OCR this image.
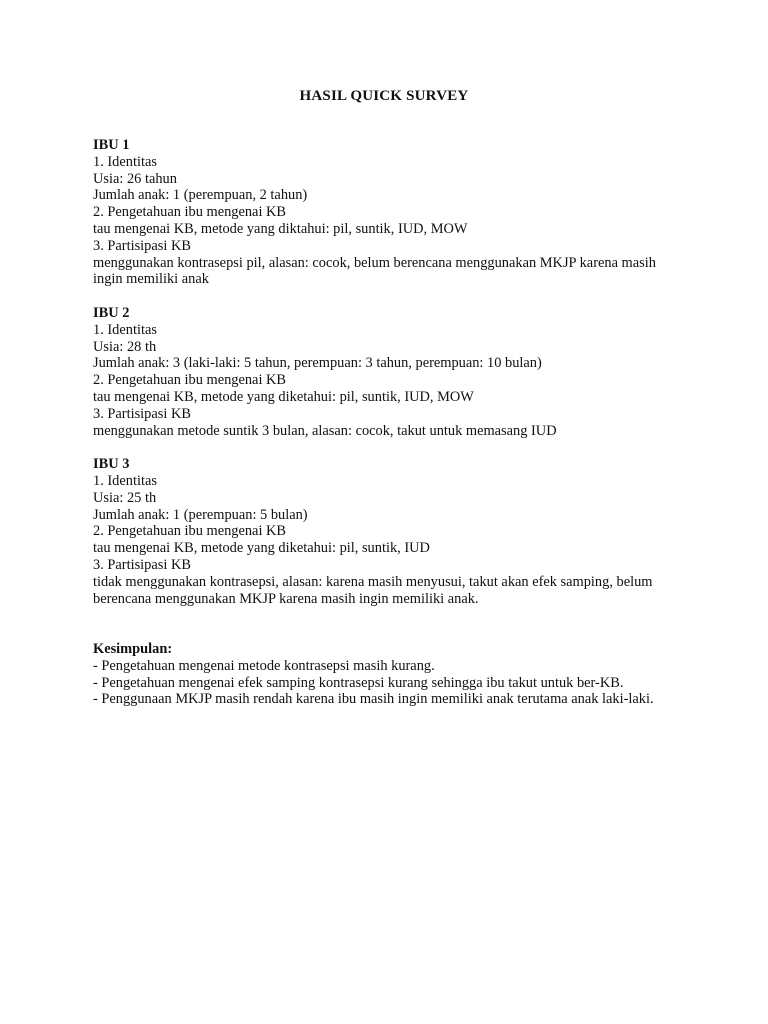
HASIL QUICK SURVEY
IBU 1
1. Identitas
Usia: 26 tahun
Jumlah anak: 1 (perempuan, 2 tahun)
2. Pengetahuan ibu mengenai KB
tau mengenai KB, metode yang diktahui: pil, suntik, IUD, MOW
3. Partisipasi KB
menggunakan kontrasepsi pil, alasan: cocok, belum berencana menggunakan MKJP karena masih ingin memiliki anak
IBU 2
1. Identitas
Usia: 28 th
Jumlah anak: 3 (laki-laki: 5 tahun, perempuan: 3 tahun, perempuan: 10 bulan)
2. Pengetahuan ibu mengenai KB
tau mengenai KB, metode yang diketahui: pil, suntik, IUD, MOW
3. Partisipasi KB
menggunakan metode suntik 3 bulan, alasan: cocok, takut untuk memasang IUD
IBU 3
1. Identitas
Usia: 25 th
Jumlah anak: 1 (perempuan: 5 bulan)
2. Pengetahuan ibu mengenai KB
tau mengenai KB, metode yang diketahui: pil, suntik, IUD
3. Partisipasi KB
tidak menggunakan kontrasepsi, alasan: karena masih menyusui, takut akan efek samping, belum berencana menggunakan MKJP karena masih ingin memiliki anak.
Kesimpulan:
- Pengetahuan mengenai metode kontrasepsi masih kurang.
- Pengetahuan mengenai efek samping kontrasepsi kurang sehingga ibu takut untuk ber-KB.
- Penggunaan MKJP masih rendah karena ibu masih ingin memiliki anak terutama anak laki-laki.
